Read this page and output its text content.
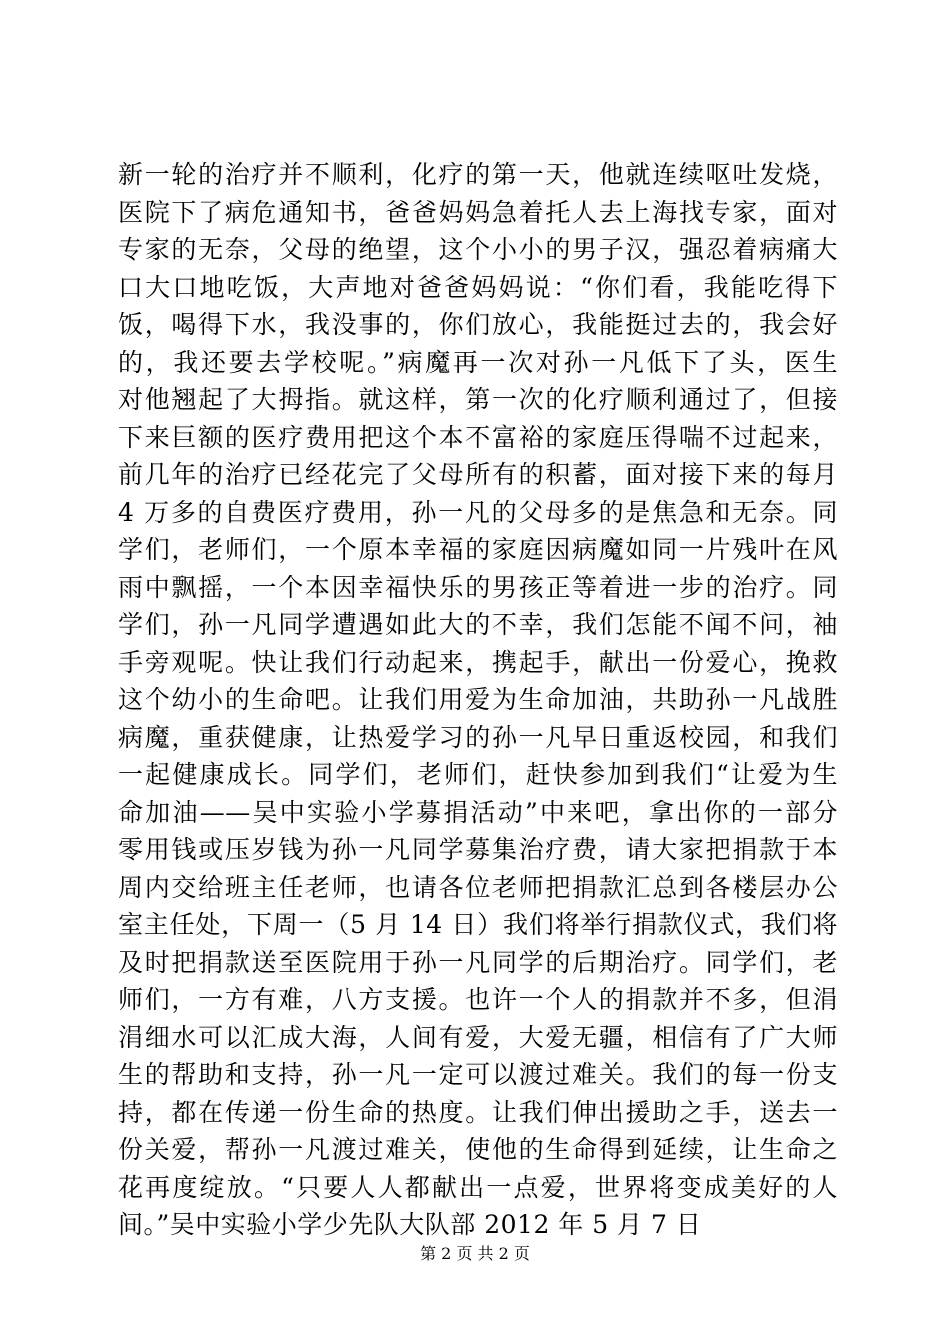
新一轮的治疗并不顺利，化疗的第一天，他就连续呕吐发烧，
医院下了病危通知书，爸爸妈妈急着托人去上海找专家，面对
专家的无奈，父母的绝望，这个小小的男子汉，强忍着病痛大
口大口地吃饭，大声地对爸爸妈妈说：“你们看，我能吃得下
饭，喝得下水，我没事的，你们放心，我能挺过去的，我会好
的，我还要去学校呢。”病魔再一次对孙一凡低下了头，医生
对他翘起了大拇指。就这样，第一次的化疗顺利通过了，但接
下来巨额的医疗费用把这个本不富裕的家庭压得喘不过起来，
前几年的治疗已经花完了父母所有的积蓄，面对接下来的每月
4 万多的自费医疗费用，孙一凡的父母多的是焦急和无奈。同
学们，老师们，一个原本幸福的家庭因病魔如同一片残叶在风
雨中飘摇，一个本因幸福快乐的男孩正等着进一步的治疗。同
学们，孙一凡同学遭遇如此大的不幸，我们怎能不闻不问，袖
手旁观呢。快让我们行动起来，携起手，献出一份爱心，挽救
这个幼小的生命吧。让我们用爱为生命加油，共助孙一凡战胜
病魔，重获健康，让热爱学习的孙一凡早日重返校园，和我们
一起健康成长。同学们，老师们，赶快参加到我们“让爱为生
命加油——吴中实验小学募捐活动”中来吧，拿出你的一部分
零用钱或压岁钱为孙一凡同学募集治疗费，请大家把捐款于本
周内交给班主任老师，也请各位老师把捐款汇总到各楼层办公
室主任处，下周一（5 月 14 日）我们将举行捐款仪式，我们将
及时把捐款送至医院用于孙一凡同学的后期治疗。同学们，老
师们，一方有难，八方支援。也许一个人的捐款并不多，但涓
涓细水可以汇成大海，人间有爱，大爱无疆，相信有了广大师
生的帮助和支持，孙一凡一定可以渡过难关。我们的每一份支
持，都在传递一份生命的热度。让我们伸出援助之手，送去一
份关爱，帮孙一凡渡过难关，使他的生命得到延续，让生命之
花再度绽放。“只要人人都献出一点爱，世界将变成美好的人
间。”吴中实验小学少先队大队部 2012 年 5 月 7 日
第 2 页 共 2 页
